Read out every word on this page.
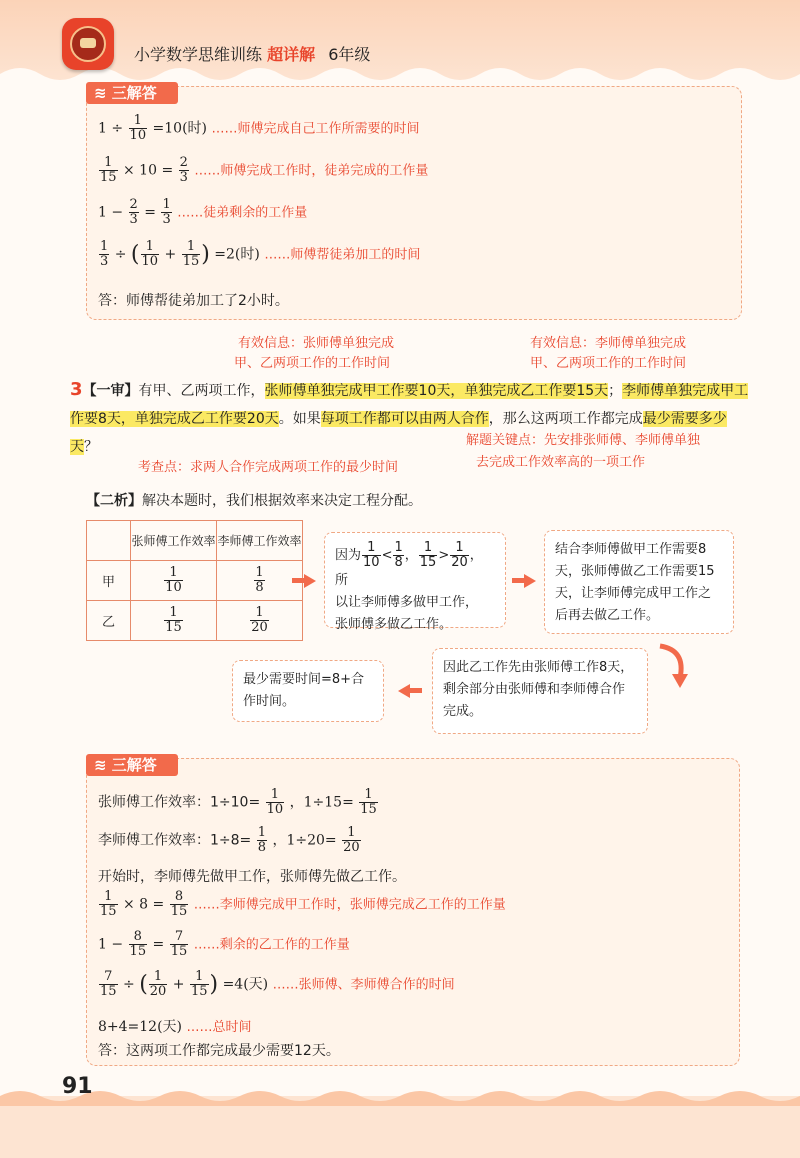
小学数学思维训练 超详解 6年级
≋ 三解答
$1 \div \frac{1}{10} =10$(时) ……师傅完成自己工作所需要的时间
$\frac{1}{15} \times 10 = \frac{2}{3}$ ……师傅完成工作时，徒弟完成的工作量
$1 - \frac{2}{3} = \frac{1}{3}$ ……徒弟剩余的工作量
$\frac{1}{3}$ ÷ ( $\frac{1}{10} + \frac{1}{15}$ ) =2(时) ……师傅帮徒弟加工的时间
答：师傅帮徒弟加工了2小时。
有效信息：张师傅单独完成
甲、乙两项工作的工作时间
有效信息：李师傅单独完成
甲、乙两项工作的工作时间
3【一审】有甲、乙两项工作，张师傅单独完成甲工作要10天，单独完成乙工作要15天；李师傅单独完成甲工作要8天，单独完成乙工作要20天。如果每项工作都可以由两人合作，那么这两项工作都完成最少需要多少天？
考查点：求两人合作完成两项工作的最少时间
解题关键点：先安排张师傅、李师傅单独
去完成工作效率高的一项工作
【二析】解决本题时，我们根据效率来决定工程分配。
	张师傅工作效率	李师傅工作效率
甲	$\frac{1}{10}$	$\frac{1}{8}$

乙	$\frac{1}{15}$	$\frac{1}{20}$
因为 $\frac{1}{10} < \frac{1}{8}$ ， $\frac{1}{15} > \frac{1}{20}$ ，所
以让李师傅多做甲工作，
张师傅多做乙工作。
结合李师傅做甲工作需要8天，张师傅做乙工作需要15天，让李师傅完成甲工作之后再去做乙工作。
因此乙工作先由张师傅工作8天，剩余部分由张师傅和李师傅合作完成。
最少需要时间=8+合作时间。
≋ 三解答
张师傅工作效率：$1\div 10= \frac{1}{10}$ ，$1\div 15= \frac{1}{15}$
李师傅工作效率：$1\div 8= \frac{1}{8}$ ，$1\div 20= \frac{1}{20}$
开始时，李师傅先做甲工作，张师傅先做乙工作。
$\frac{1}{15} \times 8 = \frac{8}{15}$ ……李师傅完成甲工作时，张师傅完成乙工作的工作量
$1 - \frac{8}{15} = \frac{7}{15}$ ……剩余的乙工作的工作量
$\frac{7}{15}$ ÷ ( $\frac{1}{20} + \frac{1}{15}$ ) =4(天) ……张师傅、李师傅合作的时间
8+4=12(天) ……总时间
答：这两项工作都完成最少需要12天。
91
